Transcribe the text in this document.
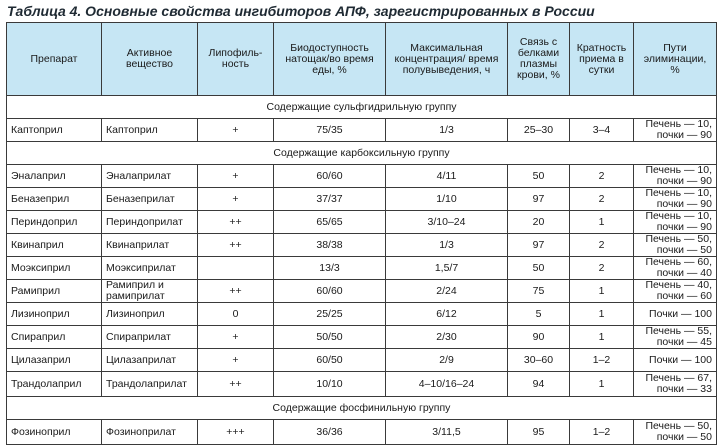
Таблица 4. Основные свойства ингибиторов АПФ, зарегистрированных в России
Препарат	Активное вещество	Липофиль-ность	Биодоступность натощак/во время еды, %	Максимальная концентрация/ время полувыведения, ч	Связь с белками плазмы крови, %	Кратность приема в сутки	Пути элиминации, %
Содержащие сульфгидрильную группу							
Каптоприл	Каптоприл	+	75/35	1/3	25–30	3–4	Печень — 10,
почки — 90

Содержащие карбоксильную группу							
Эналаприл	Эналаприлат	+	60/60	4/11	50	2	Печень — 10,
почки — 90

Беназеприл	Беназеприлат	+	37/37	1/10	97	2	Печень — 10,
почки — 90

Периндоприл	Периндоприлат	++	65/65	3/10–24	20	1	Печень — 10,
почки — 90

Квинаприл	Квинаприлат	++	38/38	1/3	97	2	Печень — 50,
почки — 50

Моэксиприл	Моэксиприлат		13/3	1,5/7	50	2	Печень — 60,
почки — 40

Рамиприл	Рамиприл и рамиприлат	++	60/60	2/24	75	1	Печень — 40,
почки — 60

Лизиноприл	Лизиноприл	0	25/25	6/12	5	1	Почки — 100

Спираприл	Спираприлат	+	50/50	2/30	90	1	Печень — 55,
почки — 45

Цилазаприл	Цилазаприлат	+	60/50	2/9	30–60	1–2	Почки — 100

Трандолаприл	Трандолаприлат	++	10/10	4–10/16–24	94	1	Печень — 67,
почки — 33

Содержащие фосфинильную группу							
Фозиноприл	Фозиноприлат	+++	36/36	3/11,5	95	1–2	Печень — 50,
почки — 50
